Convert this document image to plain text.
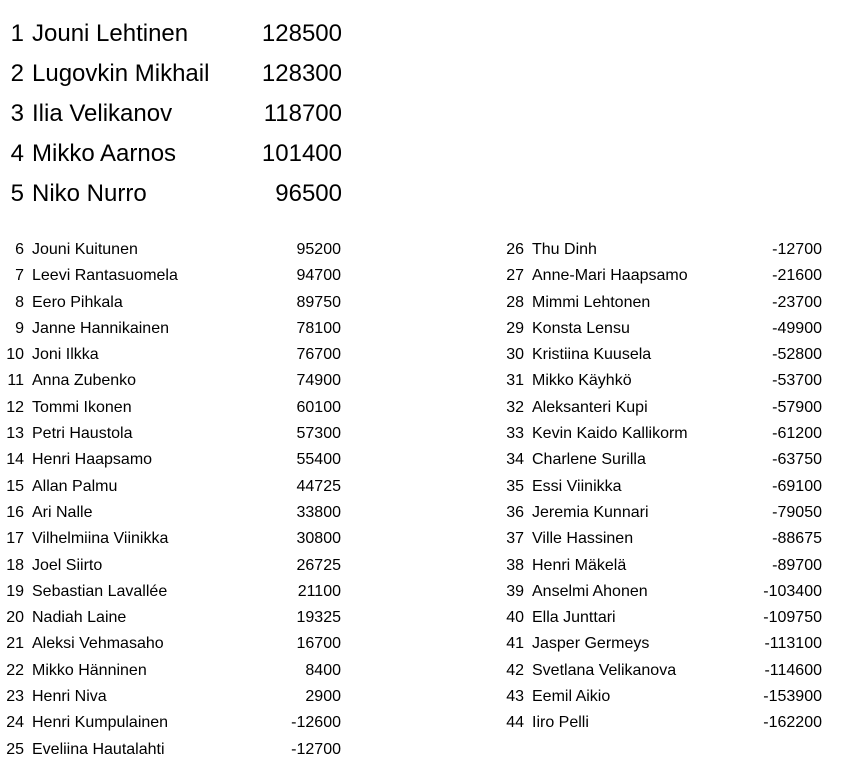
1 Jouni Lehtinen	128500
2 Lugovkin Mikhail 128300
3 Ilia Velikanov	118700
4 Mikko Aarnos	101400
5 Niko Nurro	96500
6 Jouni Kuitunen	95200
7 Leevi Rantasuomela	94700
8 Eero Pihkala	89750
9 Janne Hannikainen	78100
10 Joni Ilkka	76700
11 Anna Zubenko	74900
12 Tommi Ikonen	60100
13 Petri Haustola	57300
14 Henri Haapsamo	55400
15 Allan Palmu	44725
16 Ari Nalle	33800
17 Vilhelmiina Viinikka	30800
18 Joel Siirto	26725
19 Sebastian Lavallée	21100
20 Nadiah Laine	19325
21 Aleksi Vehmasaho	16700
22 Mikko Hänninen	8400
23 Henri Niva	2900
24 Henri Kumpulainen	-12600
25 Eveliina Hautalahti	-12700
26 Thu Dinh	-12700
27 Anne-Mari Haapsamo	-21600
28 Mimmi Lehtonen	-23700
29 Konsta Lensu	-49900
30 Kristiina Kuusela	-52800
31 Mikko Käyhkö	-53700
32 Aleksanteri Kupi	-57900
33 Kevin Kaido Kallikorm	-61200
34 Charlene Surilla	-63750
35 Essi Viinikka	-69100
36 Jeremia Kunnari	-79050
37 Ville Hassinen	-88675
38 Henri Mäkelä	-89700
39 Anselmi Ahonen	-103400
40 Ella Junttari	-109750
41 Jasper Germeys	-113100
42 Svetlana Velikanova	-114600
43 Eemil Aikio	-153900
44 Iiro Pelli	-162200
